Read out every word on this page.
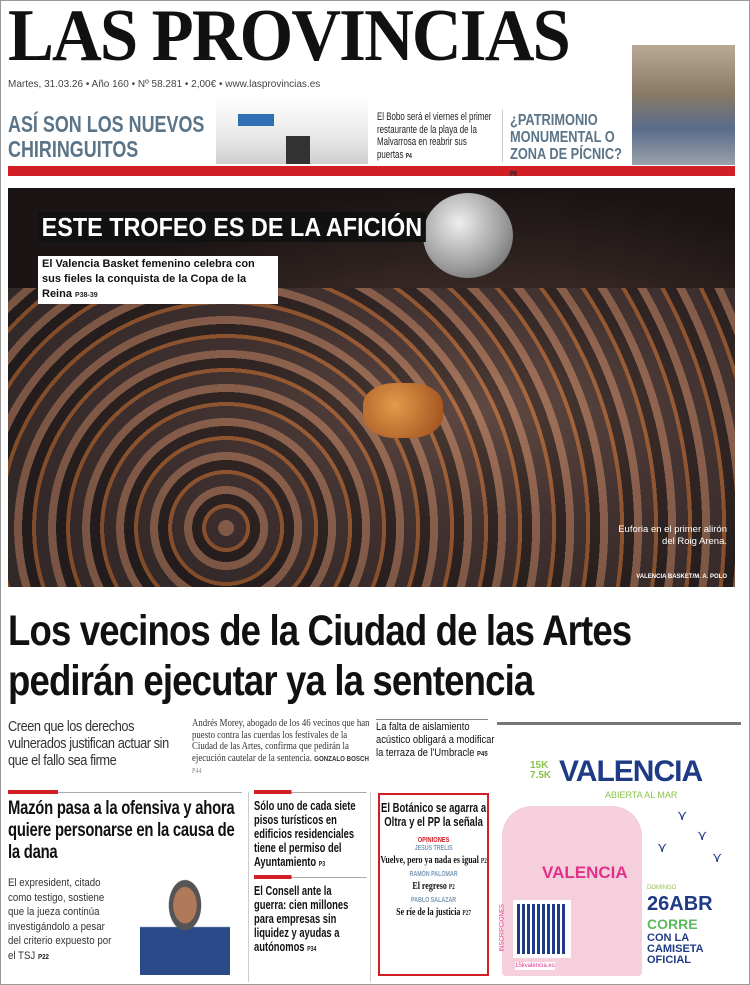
LAS PROVINCIAS
Martes, 31.03.26 • Año 160 • Nº 58.281 • 2,00€ • www.lasprovincias.es
ASÍ SON LOS NUEVOS CHIRINGUITOS
El Bobo será el viernes el primer restaurante de la playa de la Malvarrosa en reabrir sus puertas P4
¿PATRIMONIO MONUMENTAL O ZONA DE PÍCNIC? P8
ESTE TROFEO ES DE LA AFICIÓN
El Valencia Basket femenino celebra con sus fieles la conquista de la Copa de la Reina P38-39
Euforia en el primer alirón del Roig Arena.
VALENCIA BASKET/M. A. POLO
Los vecinos de la Ciudad de las Artes pedirán ejecutar ya la sentencia
Creen que los derechos vulnerados justifican actuar sin que el fallo sea firme
Andrés Morey, abogado de los 46 vecinos que han puesto contra las cuerdas los festivales de la Ciudad de las Artes, confirma que pedirán la ejecución cautelar de la sentencia. GONZALO BOSCH P44
La falta de aislamiento acústico obligará a modificar la terraza de l'Umbracle P45
Mazón pasa a la ofensiva y ahora quiere personarse en la causa de la dana
El expresident, citado como testigo, sostiene que la jueza continúa investigándolo a pesar del criterio expuesto por el TSJ P22
Sólo uno de cada siete pisos turísticos en edificios residenciales tiene el permiso del Ayuntamiento P3
El Consell ante la guerra: cien millones para empresas sin liquidez y ayudas a autónomos P34
El Botánico se agarra a Oltra y el PP la señala
OPINIONES
JESÚS TRELIS
Vuelve, pero ya nada es igual P2
RAMÓN PALOMAR
El regreso P2
PABLO SALAZAR
Se ríe de la justicia P27
15K 7.5K VALENCIA
ABIERTA AL MAR
VALENCIA
⋎
⋎
⋎
⋎
INSCRIPCIONES
15kvalencia.es
DOMINGO
26ABR
CORRE
CON LA CAMISETA OFICIAL
